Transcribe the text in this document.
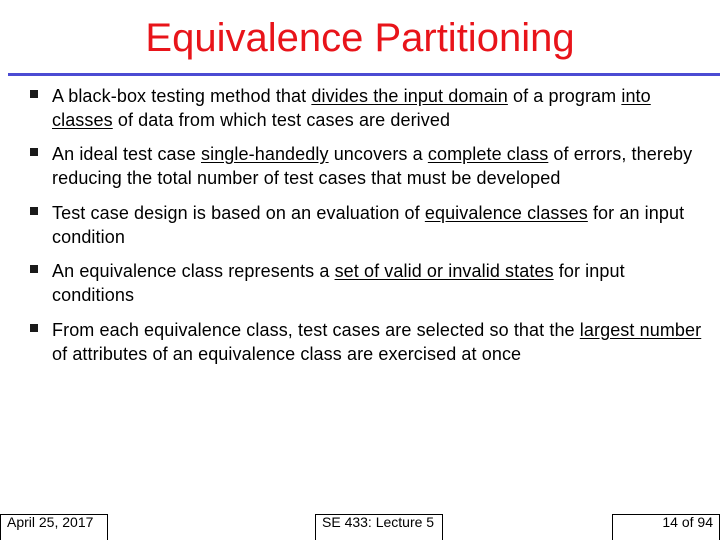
Equivalence Partitioning
A black-box testing method that divides the input domain of a program into classes of data from which test cases are derived
An ideal test case single-handedly uncovers a complete class of errors, thereby reducing the total number of test cases that must be developed
Test case design is based on an evaluation of equivalence classes for an input condition
An equivalence class represents a set of valid or invalid states for input conditions
From each equivalence class, test cases are selected so that the largest number of attributes of an equivalence class are exercised at once
April 25, 2017	SE 433: Lecture 5	14 of 94
